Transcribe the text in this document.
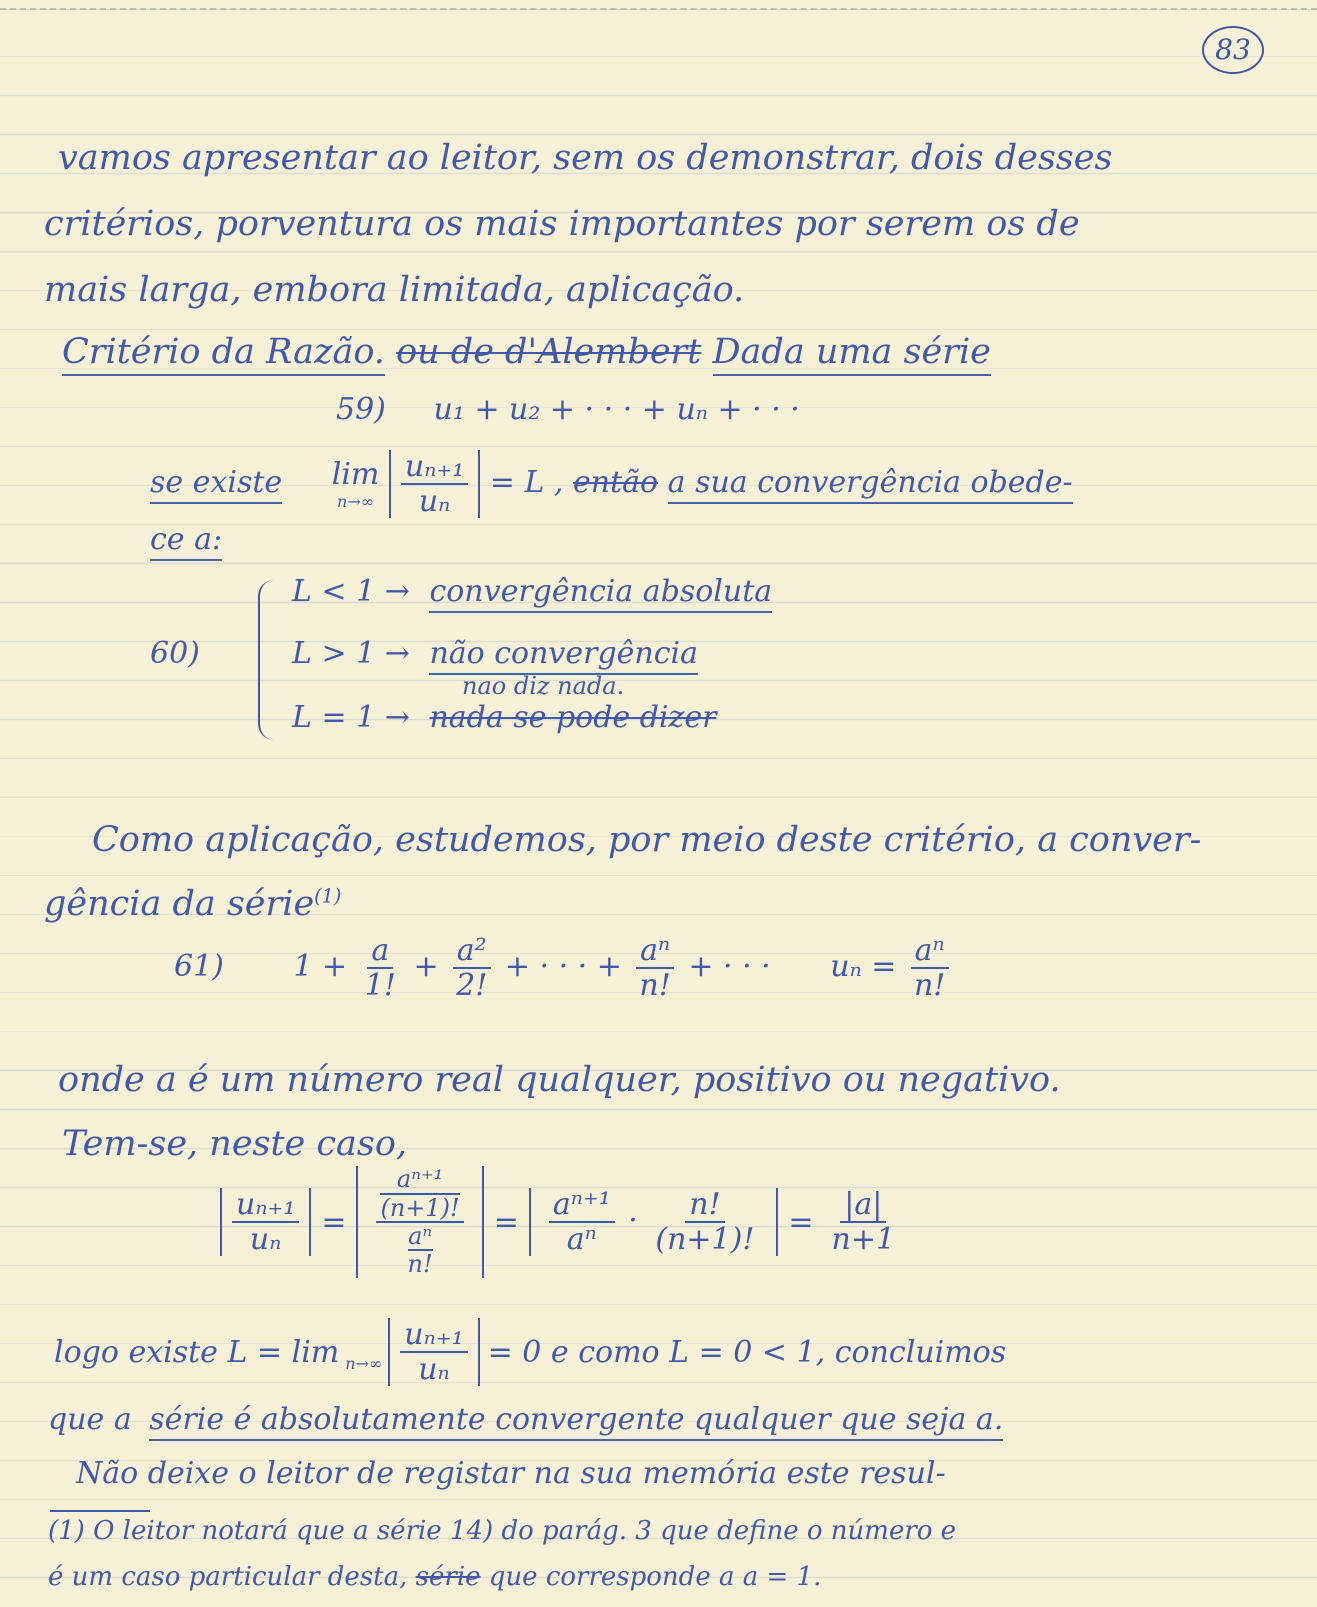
83
vamos apresentar ao leitor, sem os demonstrar, dois desses
critérios, porventura os mais importantes por serem os de
mais larga, embora limitada, aplicação.
Critério da Razão. ou de d'Alembert Dada uma série
59) u₁ + u₂ + · · · + uₙ + · · ·
se existe lim
n→∞
$\frac{\text{uₙ₊₁}}{\text{uₙ}} = L$ , então a sua convergência obede-
ce a:
60)
L < 1 → convergência absoluta
L > 1 → não convergência
nao diz nada.
L = 1 → nada se pode dizer
Como aplicação, estudemos, por meio deste critério, a conver-
gência da série$^{(1)}$
61) $1 + \frac{a}{1!} + \frac{\text{a²}}{2!}$ + · · · + $\frac{\text{aⁿ}}{n!}$ + · · · $u_n = \frac{\text{aⁿ}}{n!}$
onde a é um número real qualquer, positivo ou negativo.
Tem-se, neste caso,
$\frac{\text{uₙ₊₁}}{\text{uₙ}} = a^{n+1}$
(n+1)!
aⁿ
n! = $\frac{\text{aⁿ⁺¹}}{\text{aⁿ}} \cdot \frac{n!}{(n+1)!} = \frac{|a|}{n+1}$
logo existe $L = \lim n\to\infty \frac{\text{uₙ₊₁}}{\text{uₙ}} = 0$ e como L = 0 < 1, concluimos
que a série é absolutamente convergente qualquer que seja a.
Não deixe o leitor de registar na sua memória este resul-
(1) O leitor notará que a série 14) do parág. 3 que define o número e
é um caso particular desta, série que corresponde a a = 1.
